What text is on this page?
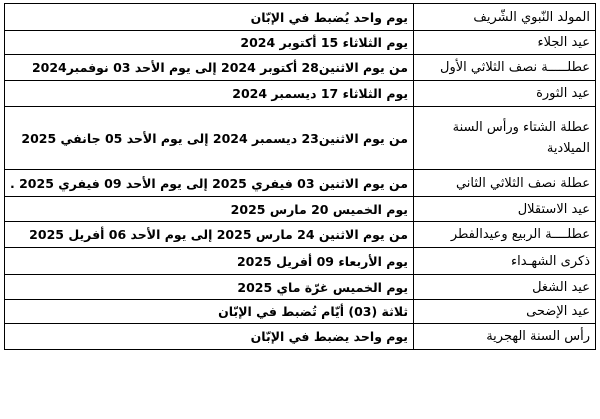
المولد النّبوي الشّريف	يوم واحد يُضبط في الإبّان
عيد الجلاء	يوم الثلاثاء 15 أكتوبر 2024
عطلـــــة نصف الثلاثي الأول	من يوم الاثنين28 أكتوبر 2024 إلى يوم الأحد 03 نوفمبر2024
عيد الثورة	يوم الثلاثاء 17 ديسمبر 2024
عطلة الشتاء ورأس السنة الميلادية	من يوم الاثنين23 ديسمبر 2024 إلى يوم الأحد 05 جانفي 2025
عطلة نصف الثلاثي الثاني	من يوم الاثنين 03 فيفري 2025 إلى يوم الأحد 09 فيفري 2025 .
عيد الاستقلال	يوم الخميس 20 مارس 2025
عطلــــة الربيع وعيدالفطر	من يوم الاثنين 24 مارس 2025 إلى يوم الأحد 06 أفريل 2025
ذكرى الشهـداء	يوم الأربعاء 09 أفريل 2025
عيد الشغل	يوم الخميس غرّة ماي 2025
عيد الإضحى	ثلاثة (03) أيّام تُضبط في الإبّان
رأس السنة الهجرية	يوم واحد يضبط في الإبّان
